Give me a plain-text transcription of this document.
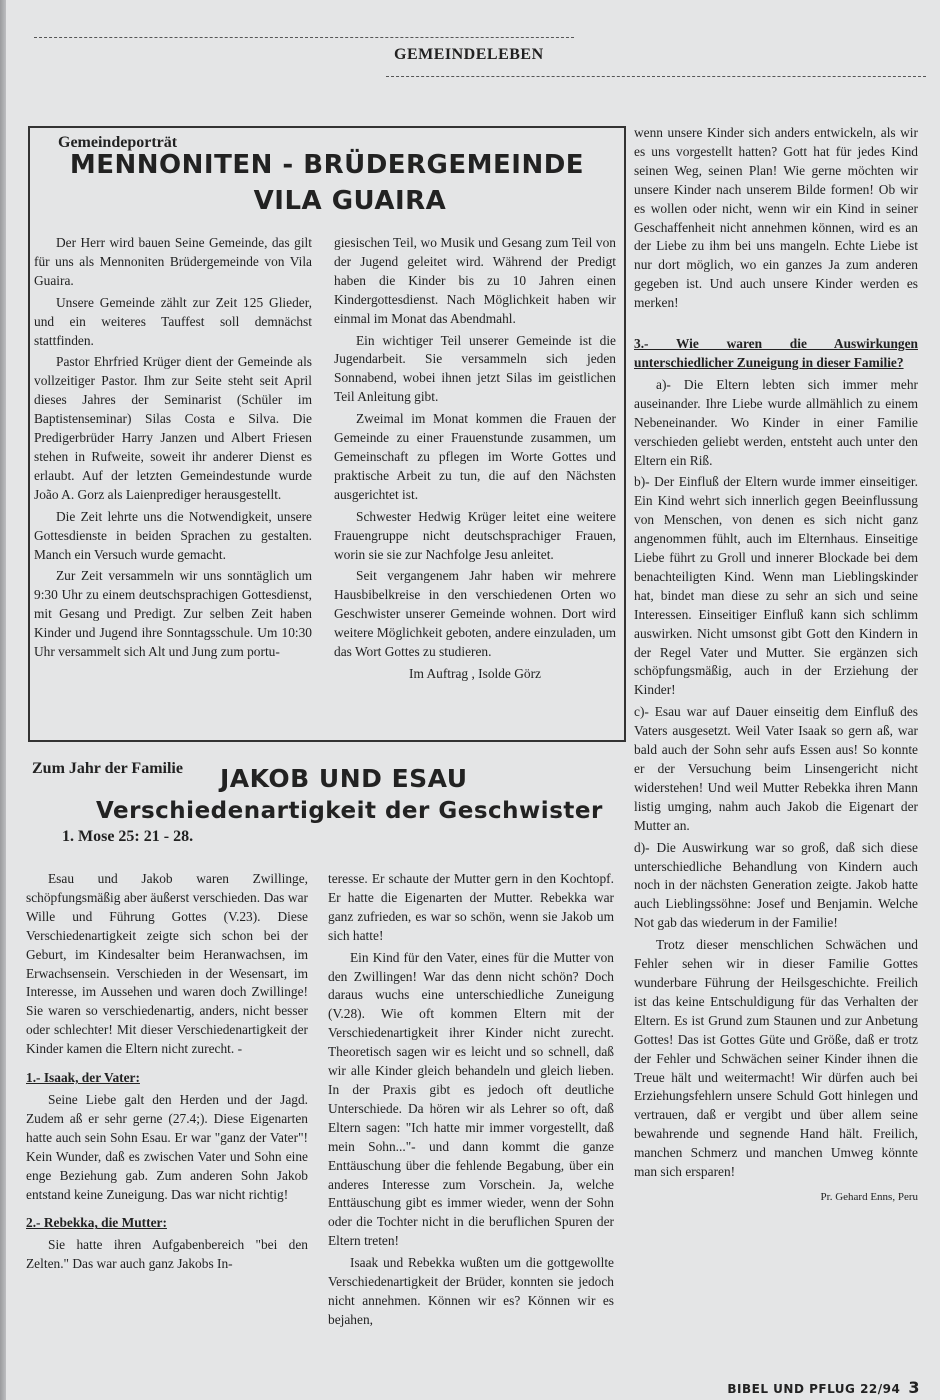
GEMEINDELEBEN
Gemeindeporträt
MENNONITEN - BRÜDERGEMEINDE
VILA GUAIRA

Der Herr wird bauen Seine Gemeinde, das gilt für uns als Mennoniten Brüdergemeinde von Vila Guaira.

Unsere Gemeinde zählt zur Zeit 125 Glieder, und ein weiteres Tauffest soll demnächst stattfinden.

Pastor Ehrfried Krüger dient der Gemeinde als vollzeitiger Pastor. Ihm zur Seite steht seit April dieses Jahres der Seminarist (Schüler im Baptistenseminar) Silas Costa e Silva. Die Predigerbrüder Harry Janzen und Albert Friesen stehen in Rufweite, soweit ihr anderer Dienst es erlaubt. Auf der letzten Gemeindestunde wurde João A. Gorz als Laienprediger herausgestellt.

Die Zeit lehrte uns die Notwendigkeit, unsere Gottesdienste in beiden Sprachen zu gestalten. Manch ein Versuch wurde gemacht.

Zur Zeit versammeln wir uns sonntäglich um 9:30 Uhr zu einem deutschsprachigen Gottesdienst, mit Gesang und Predigt. Zur selben Zeit haben Kinder und Jugend ihre Sonntagsschule. Um 10:30 Uhr versammelt sich Alt und Jung zum portu-

giesischen Teil, wo Musik und Gesang zum Teil von der Jugend geleitet wird. Während der Predigt haben die Kinder bis zu 10 Jahren einen Kindergottesdienst. Nach Möglichkeit haben wir einmal im Monat das Abendmahl.

Ein wichtiger Teil unserer Gemeinde ist die Jugendarbeit. Sie versammeln sich jeden Sonnabend, wobei ihnen jetzt Silas im geistlichen Teil Anleitung gibt.

Zweimal im Monat kommen die Frauen der Gemeinde zu einer Frauenstunde zusammen, um Gemeinschaft zu pflegen im Worte Gottes und praktische Arbeit zu tun, die auf den Nächsten ausgerichtet ist.

Schwester Hedwig Krüger leitet eine weitere Frauengruppe nicht deutschsprachiger Frauen, worin sie sie zur Nachfolge Jesu anleitet.

Seit vergangenem Jahr haben wir mehrere Hausbibelkreise in den verschiedenen Orten wo Geschwister unserer Gemeinde wohnen. Dort wird weitere Möglichkeit geboten, andere einzuladen, um das Wort Gottes zu studieren.

Im Auftrag , Isolde Görz

Zum Jahr der Familie JAKOB UND ESAU
Verschiedenartigkeit der Geschwister
1. Mose 25: 21 - 28.

Esau und Jakob waren Zwillinge, schöpfungsmäßig aber äußerst verschieden. Das war Wille und Führung Gottes (V.23). Diese Verschiedenartigkeit zeigte sich schon bei der Geburt, im Kindesalter beim Heranwachsen, im Erwachsensein. Verschieden in der Wesensart, im Interesse, im Aussehen und waren doch Zwillinge! Sie waren so verschiedenartig, anders, nicht besser oder schlechter! Mit dieser Verschiedenartigkeit der Kinder kamen die Eltern nicht zurecht. -

1.- Isaak, der Vater:

Seine Liebe galt den Herden und der Jagd. Zudem aß er sehr gerne (27.4;). Diese Eigenarten hatte auch sein Sohn Esau. Er war "ganz der Vater"! Kein Wunder, daß es zwischen Vater und Sohn eine enge Beziehung gab. Zum anderen Sohn Jakob entstand keine Zuneigung. Das war nicht richtig!

2.- Rebekka, die Mutter:

Sie hatte ihren Aufgabenbereich "bei den Zelten." Das war auch ganz Jakobs In-

teresse. Er schaute der Mutter gern in den Kochtopf. Er hatte die Eigenarten der Mutter. Rebekka war ganz zufrieden, es war so schön, wenn sie Jakob um sich hatte!

Ein Kind für den Vater, eines für die Mutter von den Zwillingen! War das denn nicht schön? Doch daraus wuchs eine unterschiedliche Zuneigung (V.28). Wie oft kommen Eltern mit der Verschiedenartigkeit ihrer Kinder nicht zurecht. Theoretisch sagen wir es leicht und so schnell, daß wir alle Kinder gleich behandeln und gleich lieben. In der Praxis gibt es jedoch oft deutliche Unterschiede. Da hören wir als Lehrer so oft, daß Eltern sagen: "Ich hatte mir immer vorgestellt, daß mein Sohn..."- und dann kommt die ganze Enttäuschung über die fehlende Begabung, über ein anderes Interesse zum Vorschein. Ja, welche Enttäuschung gibt es immer wieder, wenn der Sohn oder die Tochter nicht in die beruflichen Spuren der Eltern treten!

Isaak und Rebekka wußten um die gottgewollte Verschiedenartigkeit der Brüder, konnten sie jedoch nicht annehmen. Können wir es? Können wir es bejahen,

wenn unsere Kinder sich anders entwickeln, als wir es uns vorgestellt hatten? Gott hat für jedes Kind seinen Weg, seinen Plan! Wie gerne möchten wir unsere Kinder nach unserem Bilde formen! Ob wir es wollen oder nicht, wenn wir ein Kind in seiner Geschaffenheit nicht annehmen können, wird es an der Liebe zu ihm bei uns mangeln. Echte Liebe ist nur dort möglich, wo ein ganzes Ja zum anderen gegeben ist. Und auch unsere Kinder werden es merken!

3.- Wie waren die Auswirkungen unterschiedlicher Zuneigung in dieser Familie?

a)- Die Eltern lebten sich immer mehr auseinander. Ihre Liebe wurde allmählich zu einem Nebeneinander. Wo Kinder in einer Familie verschieden geliebt werden, entsteht auch unter den Eltern ein Riß.

b)- Der Einfluß der Eltern wurde immer einseitiger. Ein Kind wehrt sich innerlich gegen Beeinflussung von Menschen, von denen es sich nicht ganz angenommen fühlt, auch im Elternhaus. Einseitige Liebe führt zu Groll und innerer Blockade bei dem benachteiligten Kind. Wenn man Lieblingskinder hat, bindet man diese zu sehr an sich und seine Interessen. Einseitiger Einfluß kann sich schlimm auswirken. Nicht umsonst gibt Gott den Kindern in der Regel Vater und Mutter. Sie ergänzen sich schöpfungsmäßig, auch in der Erziehung der Kinder!

c)- Esau war auf Dauer einseitig dem Einfluß des Vaters ausgesetzt. Weil Vater Isaak so gern aß, war bald auch der Sohn sehr aufs Essen aus! So konnte er der Versuchung beim Linsengericht nicht widerstehen! Und weil Mutter Rebekka ihren Mann listig umging, nahm auch Jakob die Eigenart der Mutter an.

d)- Die Auswirkung war so groß, daß sich diese unterschiedliche Behandlung von Kindern auch noch in der nächsten Generation zeigte. Jakob hatte auch Lieblingssöhne: Josef und Benjamin. Welche Not gab das wiederum in der Familie!

Trotz dieser menschlichen Schwächen und Fehler sehen wir in dieser Familie Gottes wunderbare Führung der Heilsgeschichte. Freilich ist das keine Entschuldigung für das Verhalten der Eltern. Es ist Grund zum Staunen und zur Anbetung Gottes! Das ist Gottes Güte und Größe, daß er trotz der Fehler und Schwächen seiner Kinder ihnen die Treue hält und weitermacht! Wir dürfen auch bei Erziehungsfehlern unsere Schuld Gott hinlegen und vertrauen, daß er vergibt und über allem seine bewahrende und segnende Hand hält. Freilich, manchen Schmerz und manchen Umweg könnte man sich ersparen!

Pr. Gehard Enns, Peru
BIBEL UND PFLUG 22/94 3
